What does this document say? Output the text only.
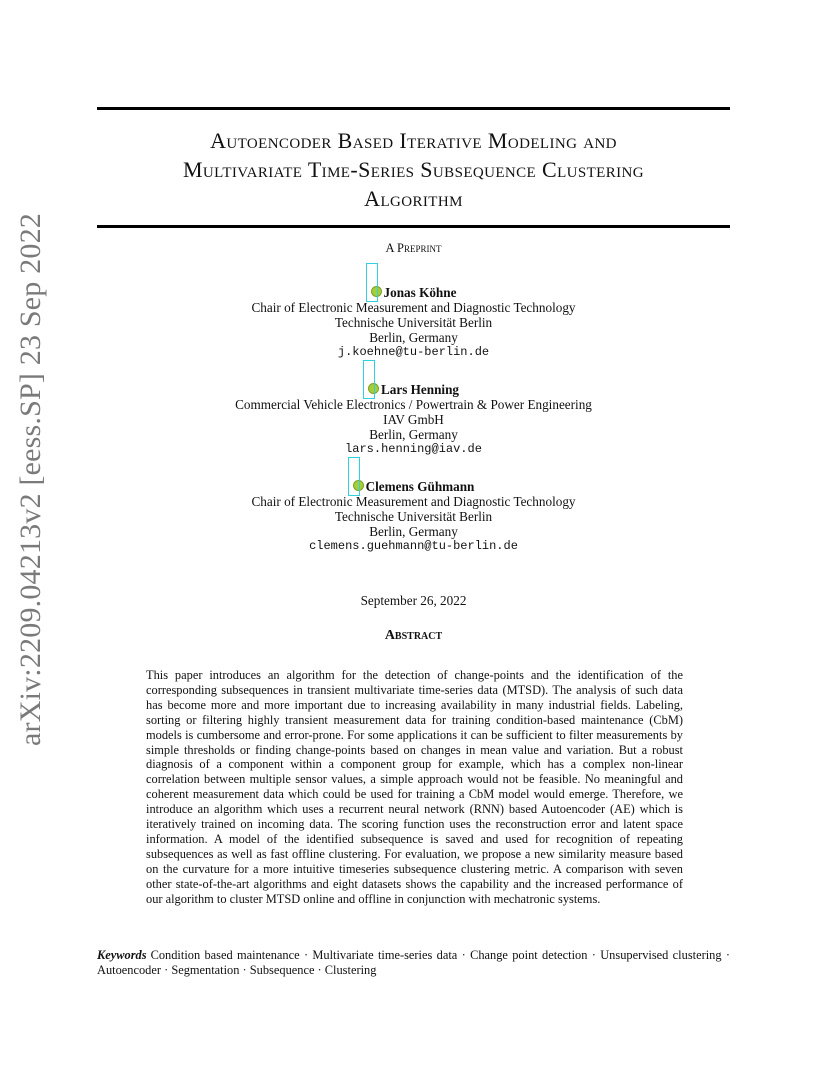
arXiv:2209.04213v2 [eess.SP] 23 Sep 2022
Autoencoder Based Iterative Modeling and
Multivariate Time-Series Subsequence Clustering
Algorithm
A Preprint
Jonas Köhne
Chair of Electronic Measurement and Diagnostic Technology
Technische Universität Berlin
Berlin, Germany
j.koehne@tu-berlin.de
Lars Henning
Commercial Vehicle Electronics / Powertrain & Power Engineering
IAV GmbH
Berlin, Germany
lars.henning@iav.de
Clemens Gühmann
Chair of Electronic Measurement and Diagnostic Technology
Technische Universität Berlin
Berlin, Germany
clemens.guehmann@tu-berlin.de
September 26, 2022
Abstract
This paper introduces an algorithm for the detection of change-points and the identification of the corresponding subsequences in transient multivariate time-series data (MTSD). The analysis of such data has become more and more important due to increasing availability in many industrial fields. Labeling, sorting or filtering highly transient measurement data for training condition-based maintenance (CbM) models is cumbersome and error-prone. For some applications it can be sufficient to filter measurements by simple thresholds or finding change-points based on changes in mean value and variation. But a robust diagnosis of a component within a component group for example, which has a complex non-linear correlation between multiple sensor values, a simple approach would not be feasible. No meaningful and coherent measurement data which could be used for training a CbM model would emerge. Therefore, we introduce an algorithm which uses a recurrent neural network (RNN) based Autoencoder (AE) which is iteratively trained on incoming data. The scoring function uses the reconstruction error and latent space information. A model of the identified subsequence is saved and used for recognition of repeating subsequences as well as fast offline clustering. For evaluation, we propose a new similarity measure based on the curvature for a more intuitive timeseries subsequence clustering metric. A comparison with seven other state-of-the-art algorithms and eight datasets shows the capability and the increased performance of our algorithm to cluster MTSD online and offline in conjunction with mechatronic systems.
Keywords Condition based maintenance · Multivariate time-series data · Change point detection · Unsupervised clustering · Autoencoder · Segmentation · Subsequence · Clustering
